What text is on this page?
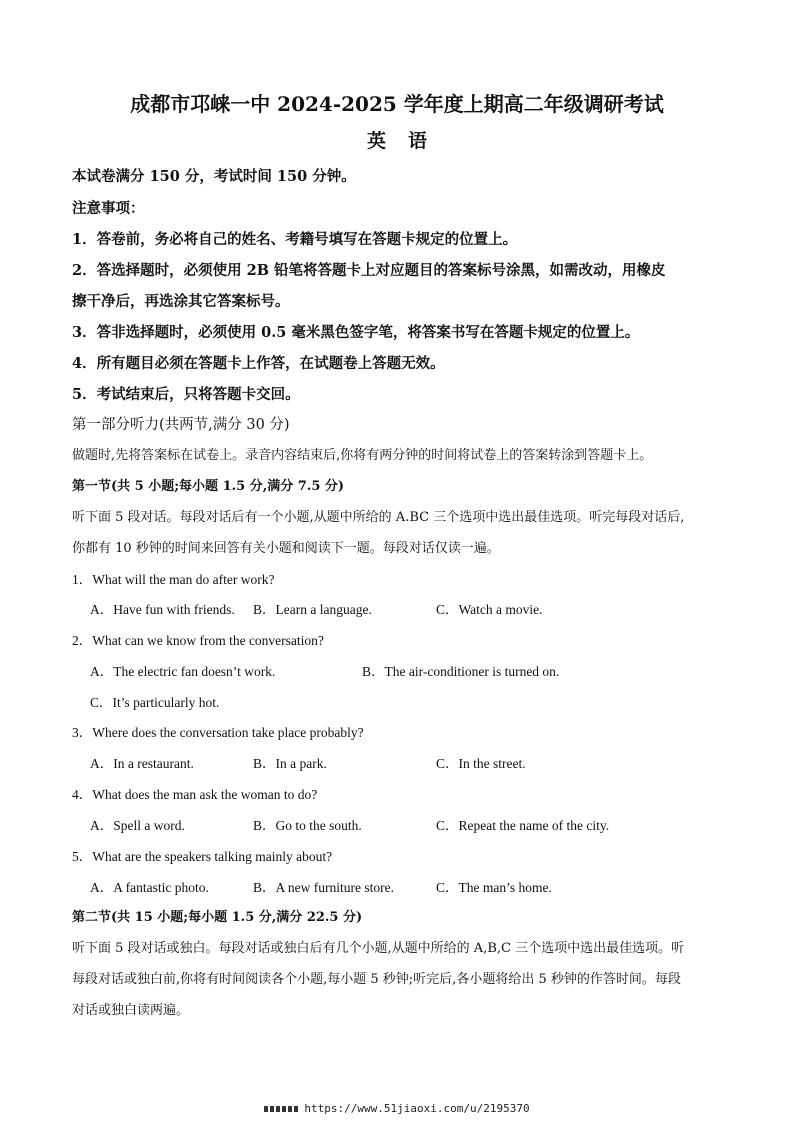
成都市邛崃一中 2024-2025 学年度上期高二年级调研考试
英语
本试卷满分 150 分，考试时间 150 分钟。
注意事项：
1．答卷前，务必将自己的姓名、考籍号填写在答题卡规定的位置上。
2．答选择题时，必须使用 2B 铅笔将答题卡上对应题目的答案标号涂黑，如需改动，用橡皮
擦干净后，再选涂其它答案标号。
3．答非选择题时，必须使用 0.5 毫米黑色签字笔，将答案书写在答题卡规定的位置上。
4．所有题目必须在答题卡上作答，在试题卷上答题无效。
5．考试结束后，只将答题卡交回。
第一部分听力(共两节,满分 30 分)
做题时,先将答案标在试卷上。录音内容结束后,你将有两分钟的时间将试卷上的答案转涂到答题卡上。
第一节(共 5 小题;每小题 1.5 分,满分 7.5 分)
听下面 5 段对话。每段对话后有一个小题,从题中所给的 A.BC 三个选项中选出最佳选项。听完每段对话后,
你都有 10 秒钟的时间来回答有关小题和阅读下一题。每段对话仅读一遍。
1．What will the man do after work?
A．Have fun with friends. B．Learn a language.	C．Watch a movie.
2．What can we know from the conversation?
A．The electric fan doesn’t work.	B．The air-conditioner is turned on.
C．It’s particularly hot.
3．Where does the conversation take place probably?
A．In a restaurant.	B．In a park.	C．In the street.
4．What does the man ask the woman to do?
A．Spell a word.	B．Go to the south.	C．Repeat the name of the city.
5．What are the speakers talking mainly about?
A．A fantastic photo.	B．A new furniture store.	C．The man’s home.
第二节(共 15 小题;每小题 1.5 分,满分 22.5 分)
听下面 5 段对话或独白。每段对话或独白后有几个小题,从题中所给的 A,B,C 三个选项中选出最佳选项。听
每段对话或独白前,你将有时间阅读各个小题,每小题 5 秒钟;听完后,各小题将给出 5 秒钟的作答时间。每段
对话或独白读两遍。
https://www.51jiaoxi.com/u/2195370
